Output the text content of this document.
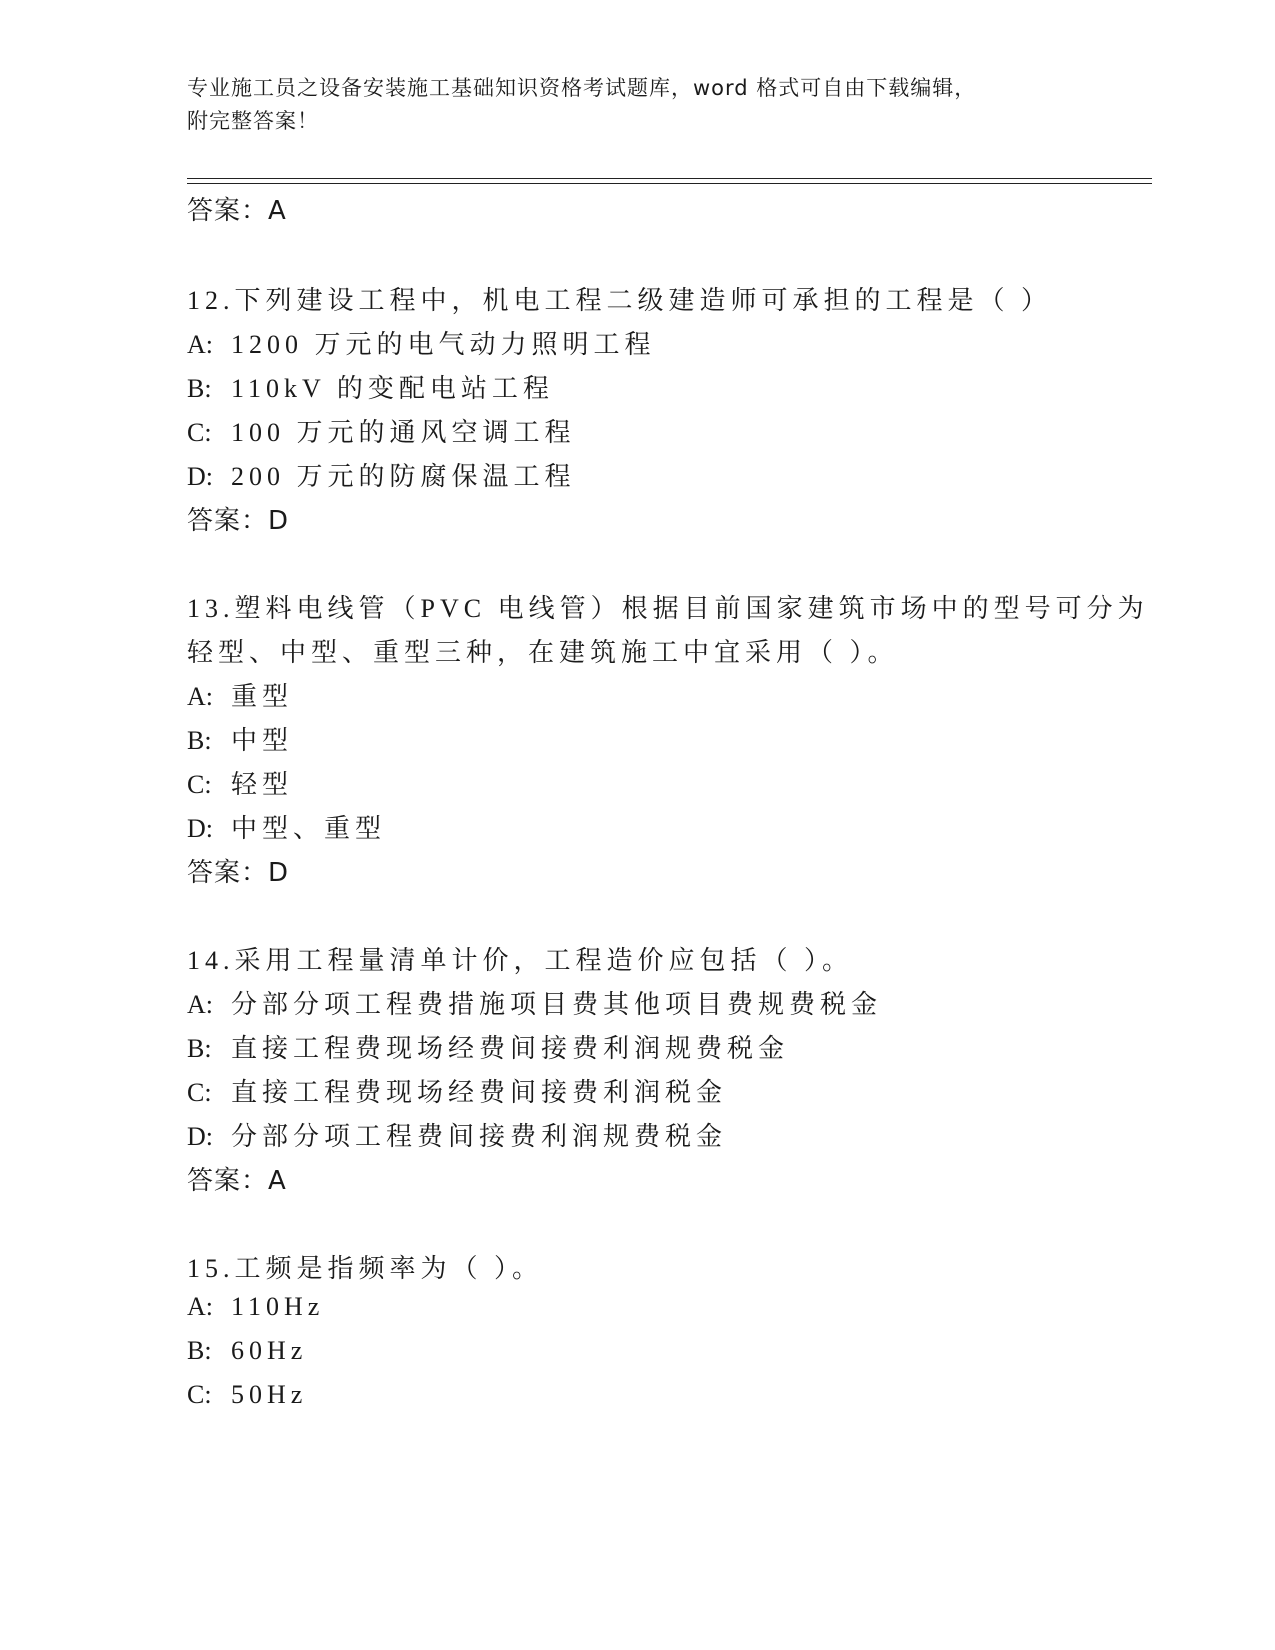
专业施工员之设备安装施工基础知识资格考试题库，word 格式可自由下载编辑，
附完整答案！
答案：A
12.下列建设工程中，机电工程二级建造师可承担的工程是（ ）
A: 1200 万元的电气动力照明工程
B: 110kV 的变配电站工程
C: 100 万元的通风空调工程
D: 200 万元的防腐保温工程
答案：D
13.塑料电线管（PVC 电线管）根据目前国家建筑市场中的型号可分为
轻型、中型、重型三种，在建筑施工中宜采用（ ）。
A: 重型
B: 中型
C: 轻型
D: 中型、重型
答案：D
14.采用工程量清单计价，工程造价应包括（ ）。
A: 分部分项工程费措施项目费其他项目费规费税金
B: 直接工程费现场经费间接费利润规费税金
C: 直接工程费现场经费间接费利润税金
D: 分部分项工程费间接费利润规费税金
答案：A
15.工频是指频率为（ ）。
A: 110Hz
B: 60Hz
C: 50Hz
